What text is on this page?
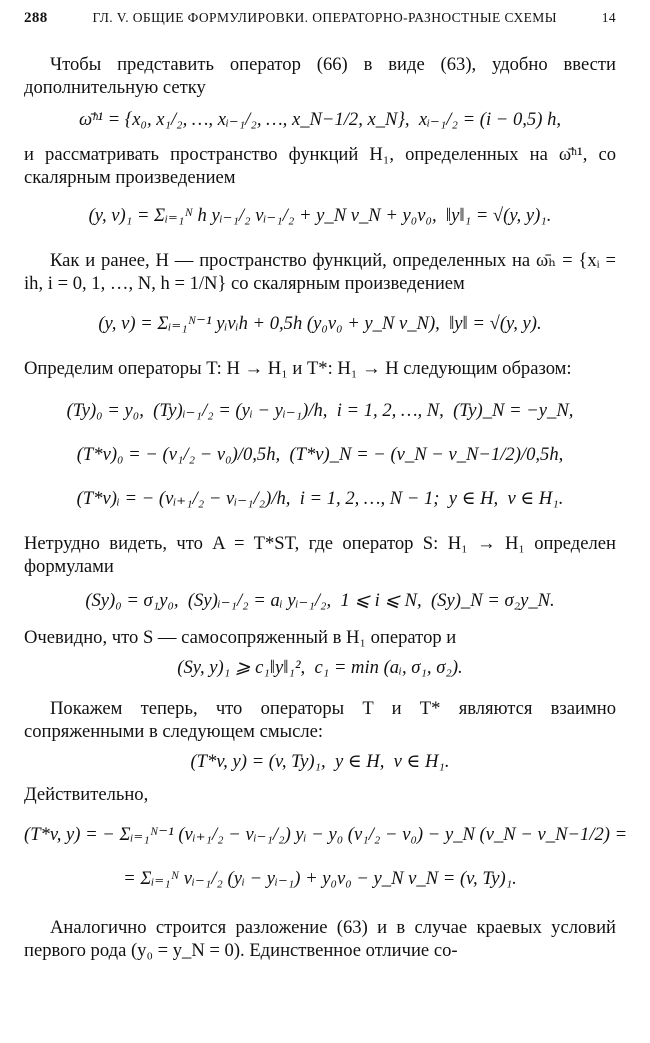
288	ГЛ. V. ОБЩИЕ ФОРМУЛИРОВКИ. ОПЕРАТОРНО-РАЗНОСТНЫЕ СХЕМЫ	14

Чтобы представить оператор (66) в виде (63), удобно ввести дополнительную сетку

ω̄ʰ¹ = {x₀, x₁/₂, …, xᵢ₋₁/₂, …, x_N−1/2, x_N},  xᵢ₋₁/₂ = (i − 0,5) h,

и рассматривать пространство функций H₁, определенных на ω̄ʰ¹, со скалярным произведением

(y, v)₁ = Σᵢ₌₁ᴺ h yᵢ₋₁/₂ vᵢ₋₁/₂ + y_N v_N + y₀v₀,  ‖y‖₁ = √(y, y)₁.

Как и ранее, H — пространство функций, определенных на ω̄ₕ = {xᵢ = ih, i = 0, 1, …, N, h = 1/N} со скалярным произведением

(y, v) = Σᵢ₌₁ᴺ⁻¹ yᵢvᵢh + 0,5h (y₀v₀ + y_N v_N),  ‖y‖ = √(y, y).

Определим операторы T: H → H₁ и T*: H₁ → H следующим образом:

(Ty)₀ = y₀,  (Ty)ᵢ₋₁/₂ = (yᵢ − yᵢ₋₁)/h,  i = 1, 2, …, N,  (Ty)_N = −y_N,
(T*v)₀ = − (v₁/₂ − v₀)/0,5h,  (T*v)_N = − (v_N − v_N−1/2)/0,5h,
(T*v)ᵢ = − (vᵢ₊₁/₂ − vᵢ₋₁/₂)/h,  i = 1, 2, …, N − 1;  y ∈ H,  v ∈ H₁.

Нетрудно видеть, что A = T*ST, где оператор S: H₁ → H₁ определен формулами

(Sy)₀ = σ₁y₀,  (Sy)ᵢ₋₁/₂ = aᵢ yᵢ₋₁/₂,  1 ⩽ i ⩽ N,  (Sy)_N = σ₂y_N.

Очевидно, что S — самосопряженный в H₁ оператор и

(Sy, y)₁ ⩾ c₁‖y‖₁²,  c₁ = min (aᵢ, σ₁, σ₂).

Покажем теперь, что операторы T и T* являются взаимно сопряженными в следующем смысле:

(T*v, y) = (v, Ty)₁,  y ∈ H,  v ∈ H₁.

Действительно,

(T*v, y) = − Σᵢ₌₁ᴺ⁻¹ (vᵢ₊₁/₂ − vᵢ₋₁/₂) yᵢ − y₀ (v₁/₂ − v₀) − y_N (v_N − v_N−1/2) =
= Σᵢ₌₁ᴺ vᵢ₋₁/₂ (yᵢ − yᵢ₋₁) + y₀v₀ − y_N v_N = (v, Ty)₁.

Аналогично строится разложение (63) и в случае краевых условий первого рода (y₀ = y_N = 0). Единственное отличие со-
